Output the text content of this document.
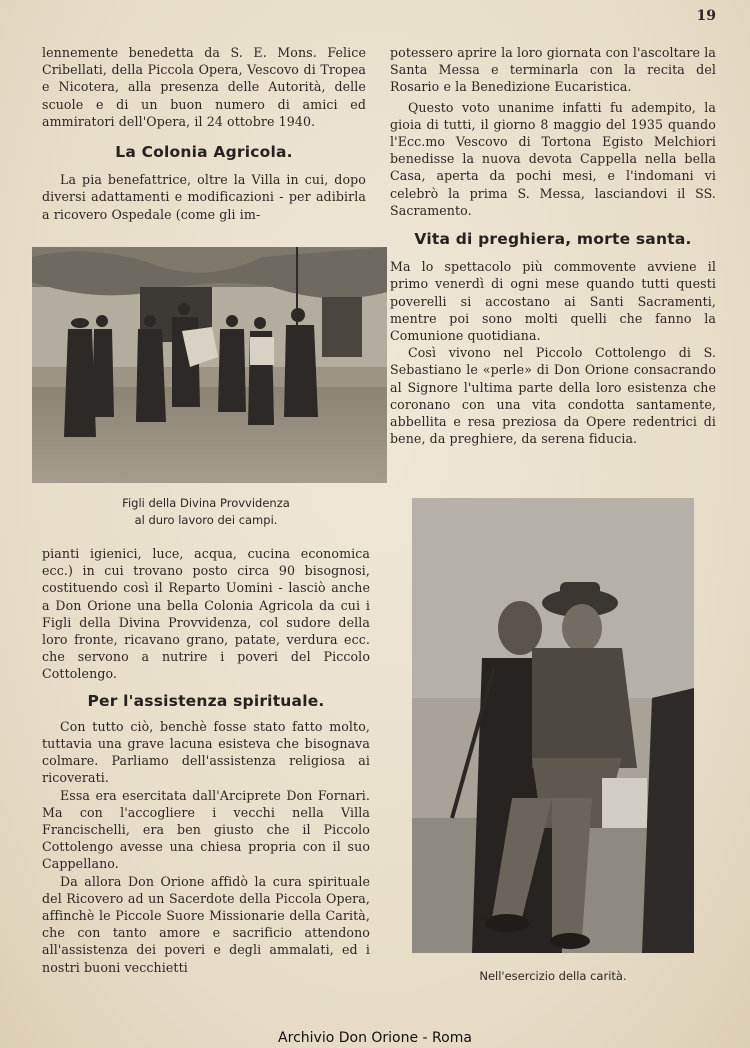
19

lennemente benedetta da S. E. Mons. Felice Cribellati, della Piccola Opera, Vescovo di Tropea e Nicotera, alla presenza delle Autorità, delle scuole e di un buon numero di amici ed ammiratori dell'Opera, il 24 ottobre 1940.

La Colonia Agricola.

La pia benefattrice, oltre la Villa in cui, dopo diversi adattamenti e modificazioni - per adibirla a ricovero Ospedale (come gli im-

Figli della Divina Provvidenza
al duro lavoro dei campi.

pianti igienici, luce, acqua, cucina economica ecc.) in cui trovano posto circa 90 bisognosi, costituendo così il Reparto Uomini - lasciò anche a Don Orione una bella Colonia Agricola da cui i Figli della Divina Provvidenza, col sudore della loro fronte, ricavano grano, patate, verdura ecc. che servono a nutrire i poveri del Piccolo Cottolengo.

Per l'assistenza spirituale.

Con tutto ciò, benchè fosse stato fatto molto, tuttavia una grave lacuna esisteva che bisognava colmare. Parliamo dell'assistenza religiosa ai ricoverati.

Essa era esercitata dall'Arciprete Don Fornari. Ma con l'accogliere i vecchi nella Villa Francischelli, era ben giusto che il Piccolo Cottolengo avesse una chiesa propria con il suo Cappellano.

Da allora Don Orione affidò la cura spirituale del Ricovero ad un Sacerdote della Piccola Opera, affinchè le Piccole Suore Missionarie della Carità, che con tanto amore e sacrificio attendono all'assistenza dei poveri e degli ammalati, ed i nostri buoni vecchietti

potessero aprire la loro giornata con l'ascoltare la Santa Messa e terminarla con la recita del Rosario e la Benedizione Eucaristica.

Questo voto unanime infatti fu adempito, la gioia di tutti, il giorno 8 maggio del 1935 quando l'Ecc.mo Vescovo di Tortona Egisto Melchiori benedisse la nuova devota Cappella nella bella Casa, aperta da pochi mesi, e l'indomani vi celebrò la prima S. Messa, lasciandovi il SS. Sacramento.

Vita di preghiera, morte santa.

Ma lo spettacolo più commovente avviene il primo venerdì di ogni mese quando tutti questi poverelli si accostano ai Santi Sacramenti, mentre poi sono molti quelli che fanno la Comunione quotidiana.

Così vivono nel Piccolo Cottolengo di S. Sebastiano le «perle» di Don Orione consacrando al Signore l'ultima parte della loro esistenza che coronano con una vita condotta santamente, abbellita e resa preziosa da Opere redentrici di bene, da preghiere, da serena fiducia.

Nell'esercizio della carità.
Archivio Don Orione - Roma
